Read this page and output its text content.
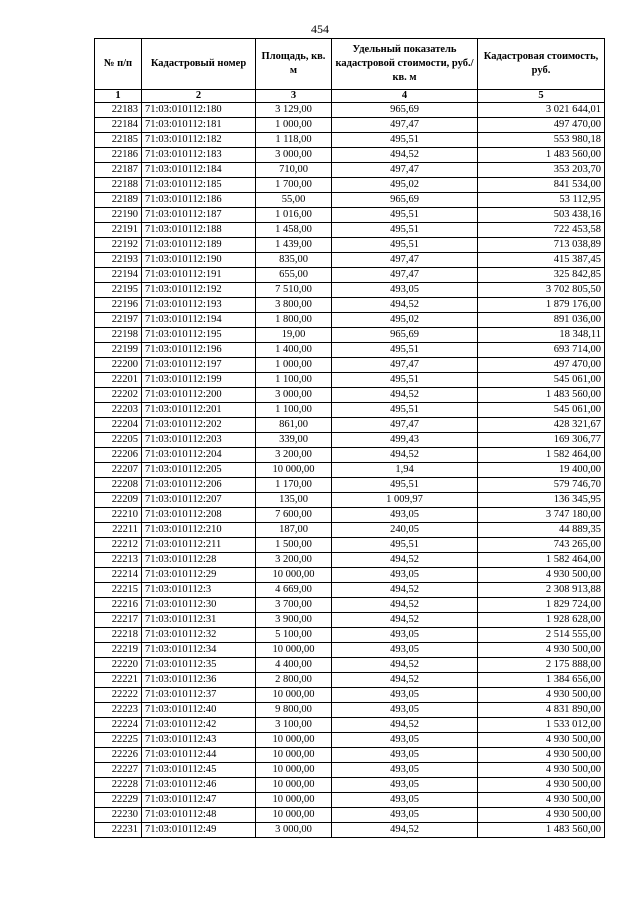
454
№ п/п	Кадастровый номер	Площадь, кв. м	Удельный показатель кадастровой стоимости, руб./кв. м	Кадастровая стоимость, руб.
1	2	3	4	5
22183	71:03:010112:180	3 129,00	965,69	3 021 644,01
22184	71:03:010112:181	1 000,00	497,47	497 470,00
22185	71:03:010112:182	1 118,00	495,51	553 980,18
22186	71:03:010112:183	3 000,00	494,52	1 483 560,00
22187	71:03:010112:184	710,00	497,47	353 203,70
22188	71:03:010112:185	1 700,00	495,02	841 534,00
22189	71:03:010112:186	55,00	965,69	53 112,95
22190	71:03:010112:187	1 016,00	495,51	503 438,16
22191	71:03:010112:188	1 458,00	495,51	722 453,58
22192	71:03:010112:189	1 439,00	495,51	713 038,89
22193	71:03:010112:190	835,00	497,47	415 387,45
22194	71:03:010112:191	655,00	497,47	325 842,85
22195	71:03:010112:192	7 510,00	493,05	3 702 805,50
22196	71:03:010112:193	3 800,00	494,52	1 879 176,00
22197	71:03:010112:194	1 800,00	495,02	891 036,00
22198	71:03:010112:195	19,00	965,69	18 348,11
22199	71:03:010112:196	1 400,00	495,51	693 714,00
22200	71:03:010112:197	1 000,00	497,47	497 470,00
22201	71:03:010112:199	1 100,00	495,51	545 061,00
22202	71:03:010112:200	3 000,00	494,52	1 483 560,00
22203	71:03:010112:201	1 100,00	495,51	545 061,00
22204	71:03:010112:202	861,00	497,47	428 321,67
22205	71:03:010112:203	339,00	499,43	169 306,77
22206	71:03:010112:204	3 200,00	494,52	1 582 464,00
22207	71:03:010112:205	10 000,00	1,94	19 400,00
22208	71:03:010112:206	1 170,00	495,51	579 746,70
22209	71:03:010112:207	135,00	1 009,97	136 345,95
22210	71:03:010112:208	7 600,00	493,05	3 747 180,00
22211	71:03:010112:210	187,00	240,05	44 889,35
22212	71:03:010112:211	1 500,00	495,51	743 265,00
22213	71:03:010112:28	3 200,00	494,52	1 582 464,00
22214	71:03:010112:29	10 000,00	493,05	4 930 500,00
22215	71:03:010112:3	4 669,00	494,52	2 308 913,88
22216	71:03:010112:30	3 700,00	494,52	1 829 724,00
22217	71:03:010112:31	3 900,00	494,52	1 928 628,00
22218	71:03:010112:32	5 100,00	493,05	2 514 555,00
22219	71:03:010112:34	10 000,00	493,05	4 930 500,00
22220	71:03:010112:35	4 400,00	494,52	2 175 888,00
22221	71:03:010112:36	2 800,00	494,52	1 384 656,00
22222	71:03:010112:37	10 000,00	493,05	4 930 500,00
22223	71:03:010112:40	9 800,00	493,05	4 831 890,00
22224	71:03:010112:42	3 100,00	494,52	1 533 012,00
22225	71:03:010112:43	10 000,00	493,05	4 930 500,00
22226	71:03:010112:44	10 000,00	493,05	4 930 500,00
22227	71:03:010112:45	10 000,00	493,05	4 930 500,00
22228	71:03:010112:46	10 000,00	493,05	4 930 500,00
22229	71:03:010112:47	10 000,00	493,05	4 930 500,00
22230	71:03:010112:48	10 000,00	493,05	4 930 500,00
22231	71:03:010112:49	3 000,00	494,52	1 483 560,00
